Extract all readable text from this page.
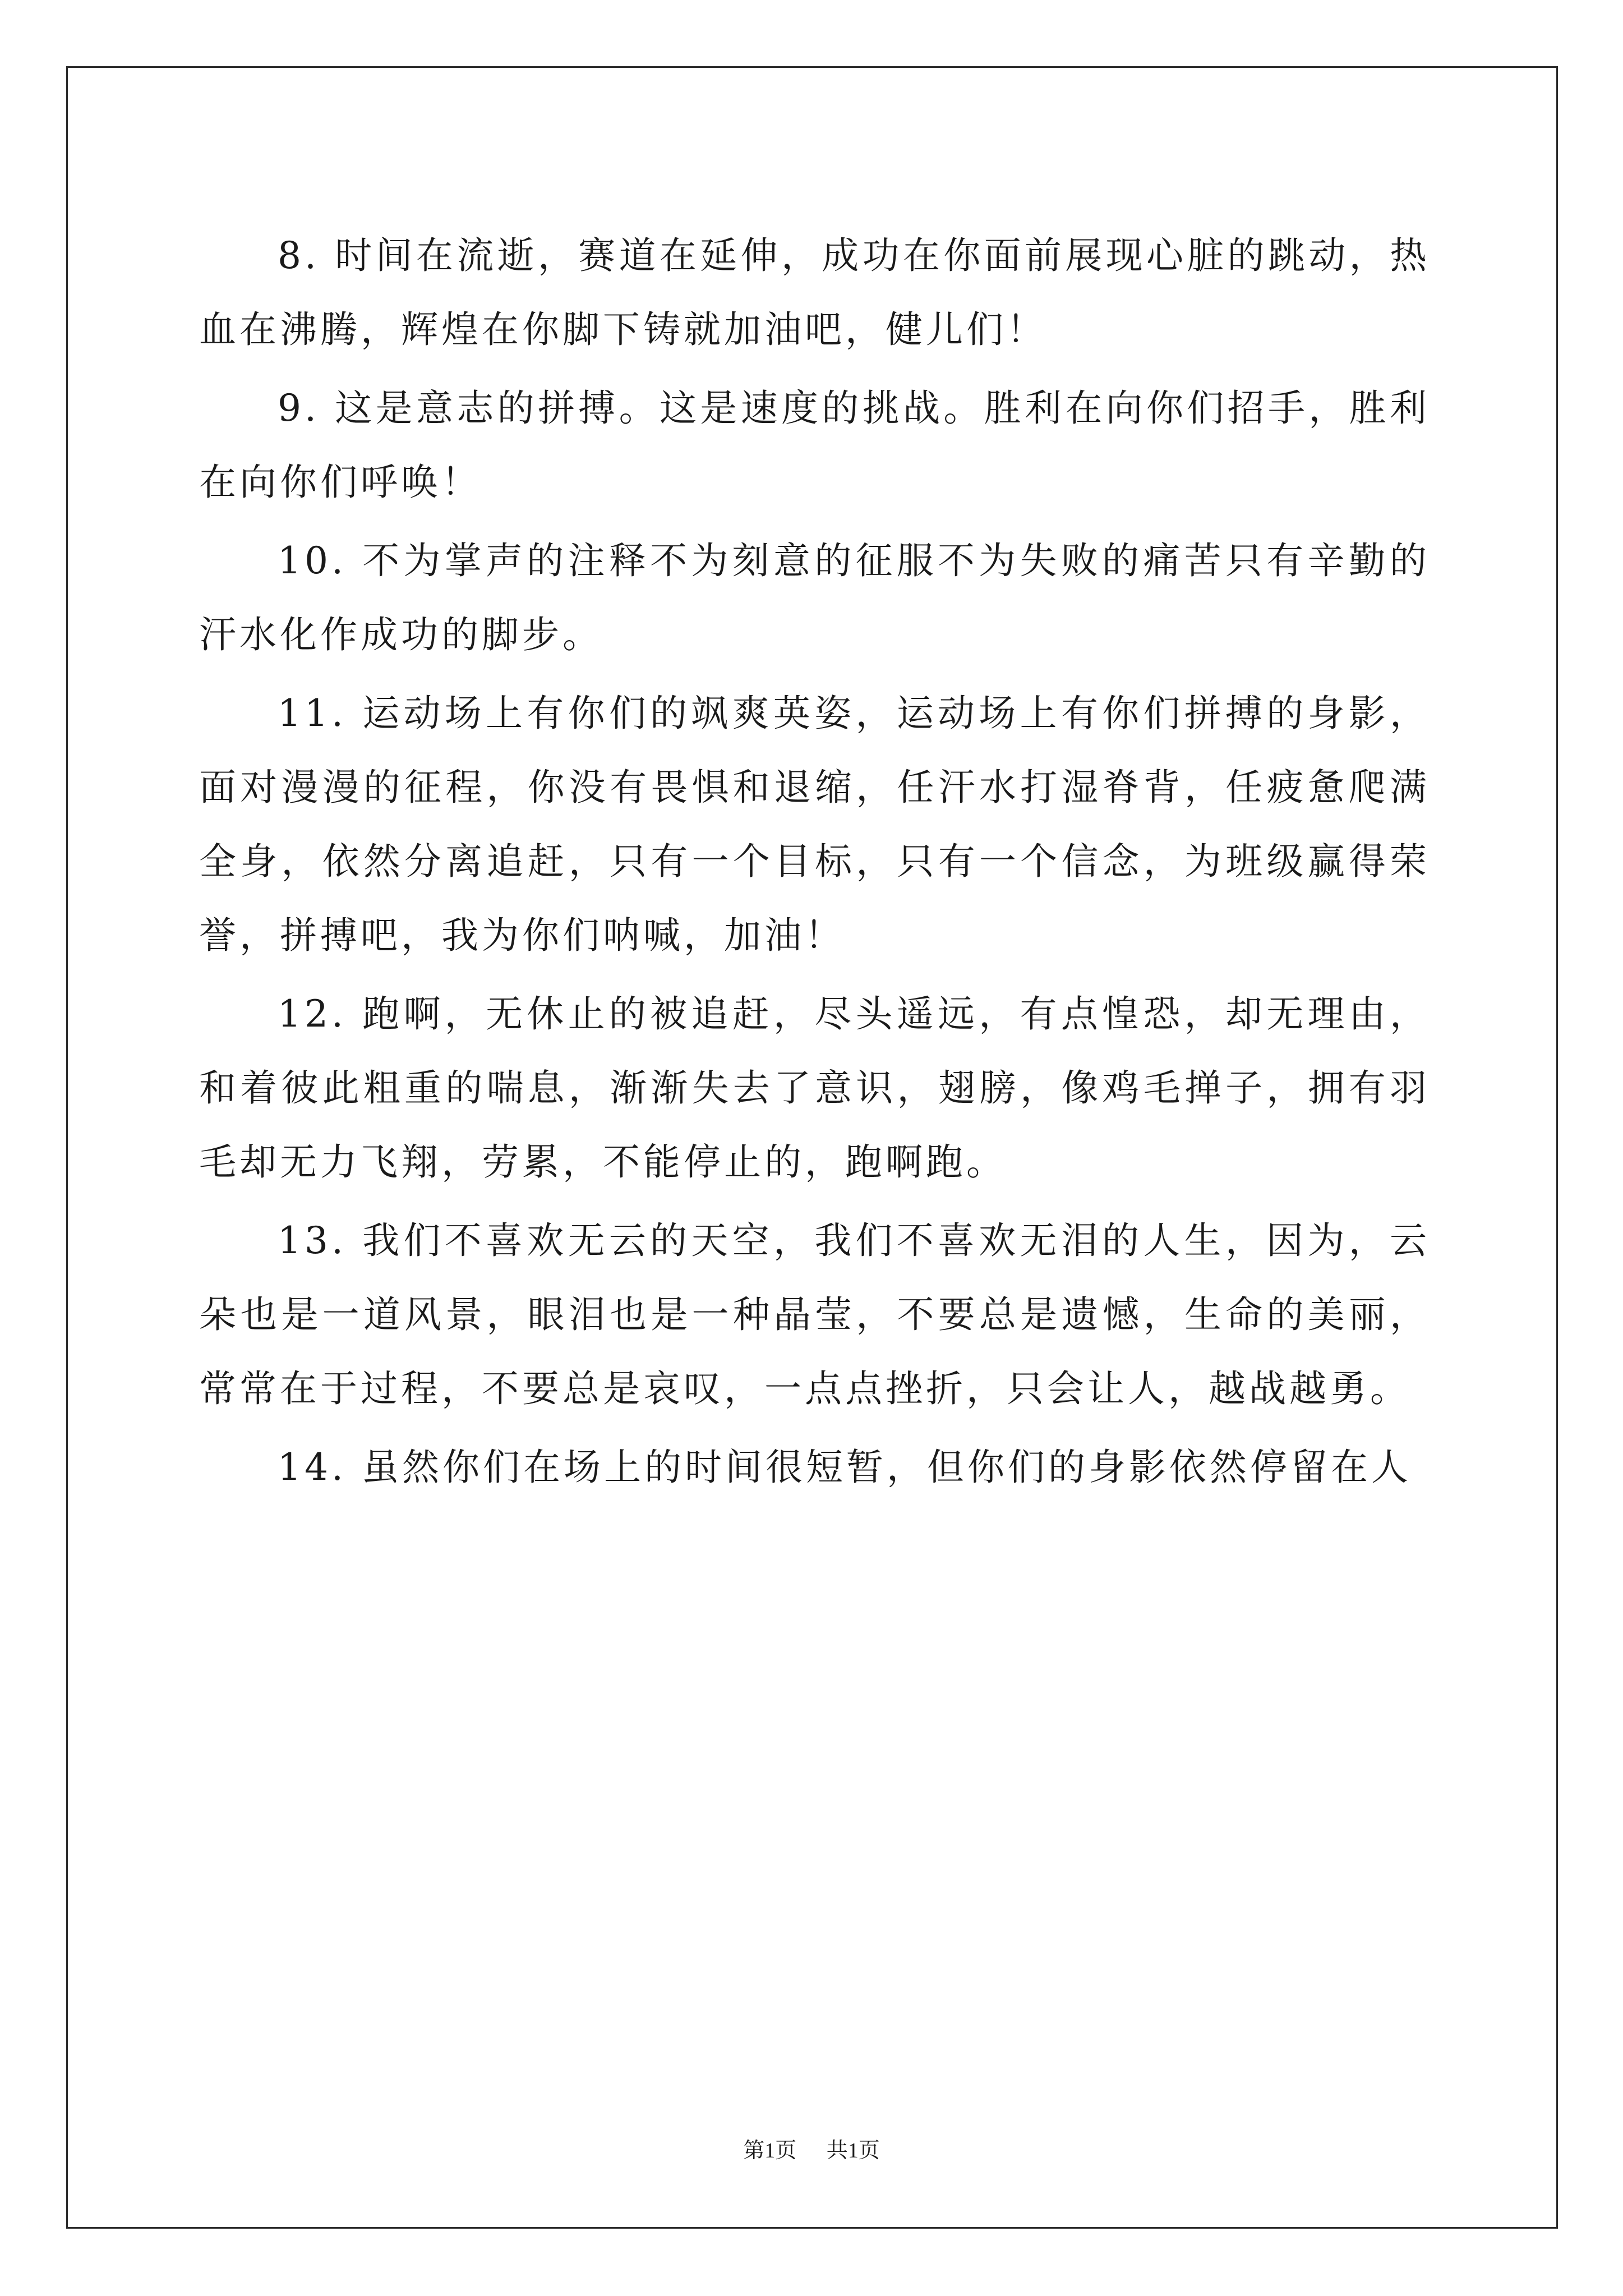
8. 时间在流逝，赛道在延伸，成功在你面前展现心脏的跳动，热血在沸腾，辉煌在你脚下铸就加油吧，健儿们！

9. 这是意志的拼搏。这是速度的挑战。胜利在向你们招手，胜利在向你们呼唤！

10. 不为掌声的注释不为刻意的征服不为失败的痛苦只有辛勤的汗水化作成功的脚步。

11. 运动场上有你们的飒爽英姿，运动场上有你们拼搏的身影，面对漫漫的征程，你没有畏惧和退缩，任汗水打湿脊背，任疲惫爬满全身，依然分离追赶，只有一个目标，只有一个信念，为班级赢得荣誉，拼搏吧，我为你们呐喊，加油！

12. 跑啊，无休止的被追赶，尽头遥远，有点惶恐，却无理由，和着彼此粗重的喘息，渐渐失去了意识，翅膀，像鸡毛掸子，拥有羽毛却无力飞翔，劳累，不能停止的，跑啊跑。

13. 我们不喜欢无云的天空，我们不喜欢无泪的人生，因为，云朵也是一道风景，眼泪也是一种晶莹，不要总是遗憾，生命的美丽，常常在于过程，不要总是哀叹，一点点挫折，只会让人，越战越勇。

14. 虽然你们在场上的时间很短暂，但你们的身影依然停留在人

第1页 共1页
